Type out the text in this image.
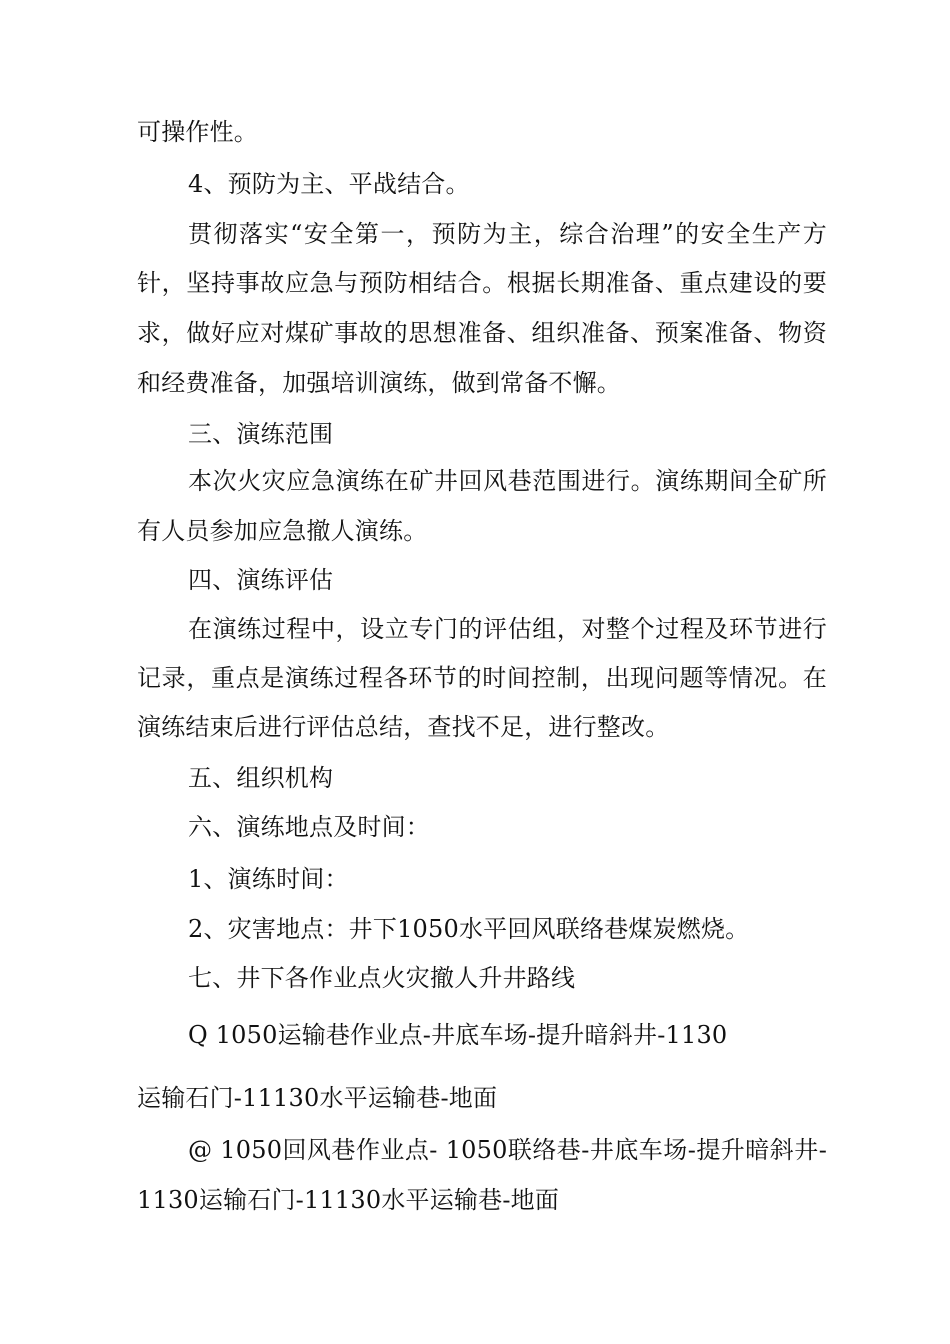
可操作性。
4、预防为主、平战结合。
贯彻落实“安全第一，预防为主，综合治理”的安全生产方
针，坚持事故应急与预防相结合。根据长期准备、重点建设的要
求，做好应对煤矿事故的思想准备、组织准备、预案准备、物资
和经费准备，加强培训演练，做到常备不懈。
三、演练范围
本次火灾应急演练在矿井回风巷范围进行。演练期间全矿所
有人员参加应急撤人演练。
四、演练评估
在演练过程中，设立专门的评估组，对整个过程及环节进行
记录，重点是演练过程各环节的时间控制，出现问题等情况。在
演练结束后进行评估总结，查找不足，进行整改。
五、组织机构
六、演练地点及时间：
1、演练时间：
2、灾害地点：井下1050水平回风联络巷煤炭燃烧。
七、井下各作业点火灾撤人升井路线
Q 1050运输巷作业点-井底车场-提升暗斜井-1130
运输石门-11130水平运输巷-地面
@ 1050回风巷作业点- 1050联络巷-井底车场-提升暗斜井-
1130运输石门-11130水平运输巷-地面
